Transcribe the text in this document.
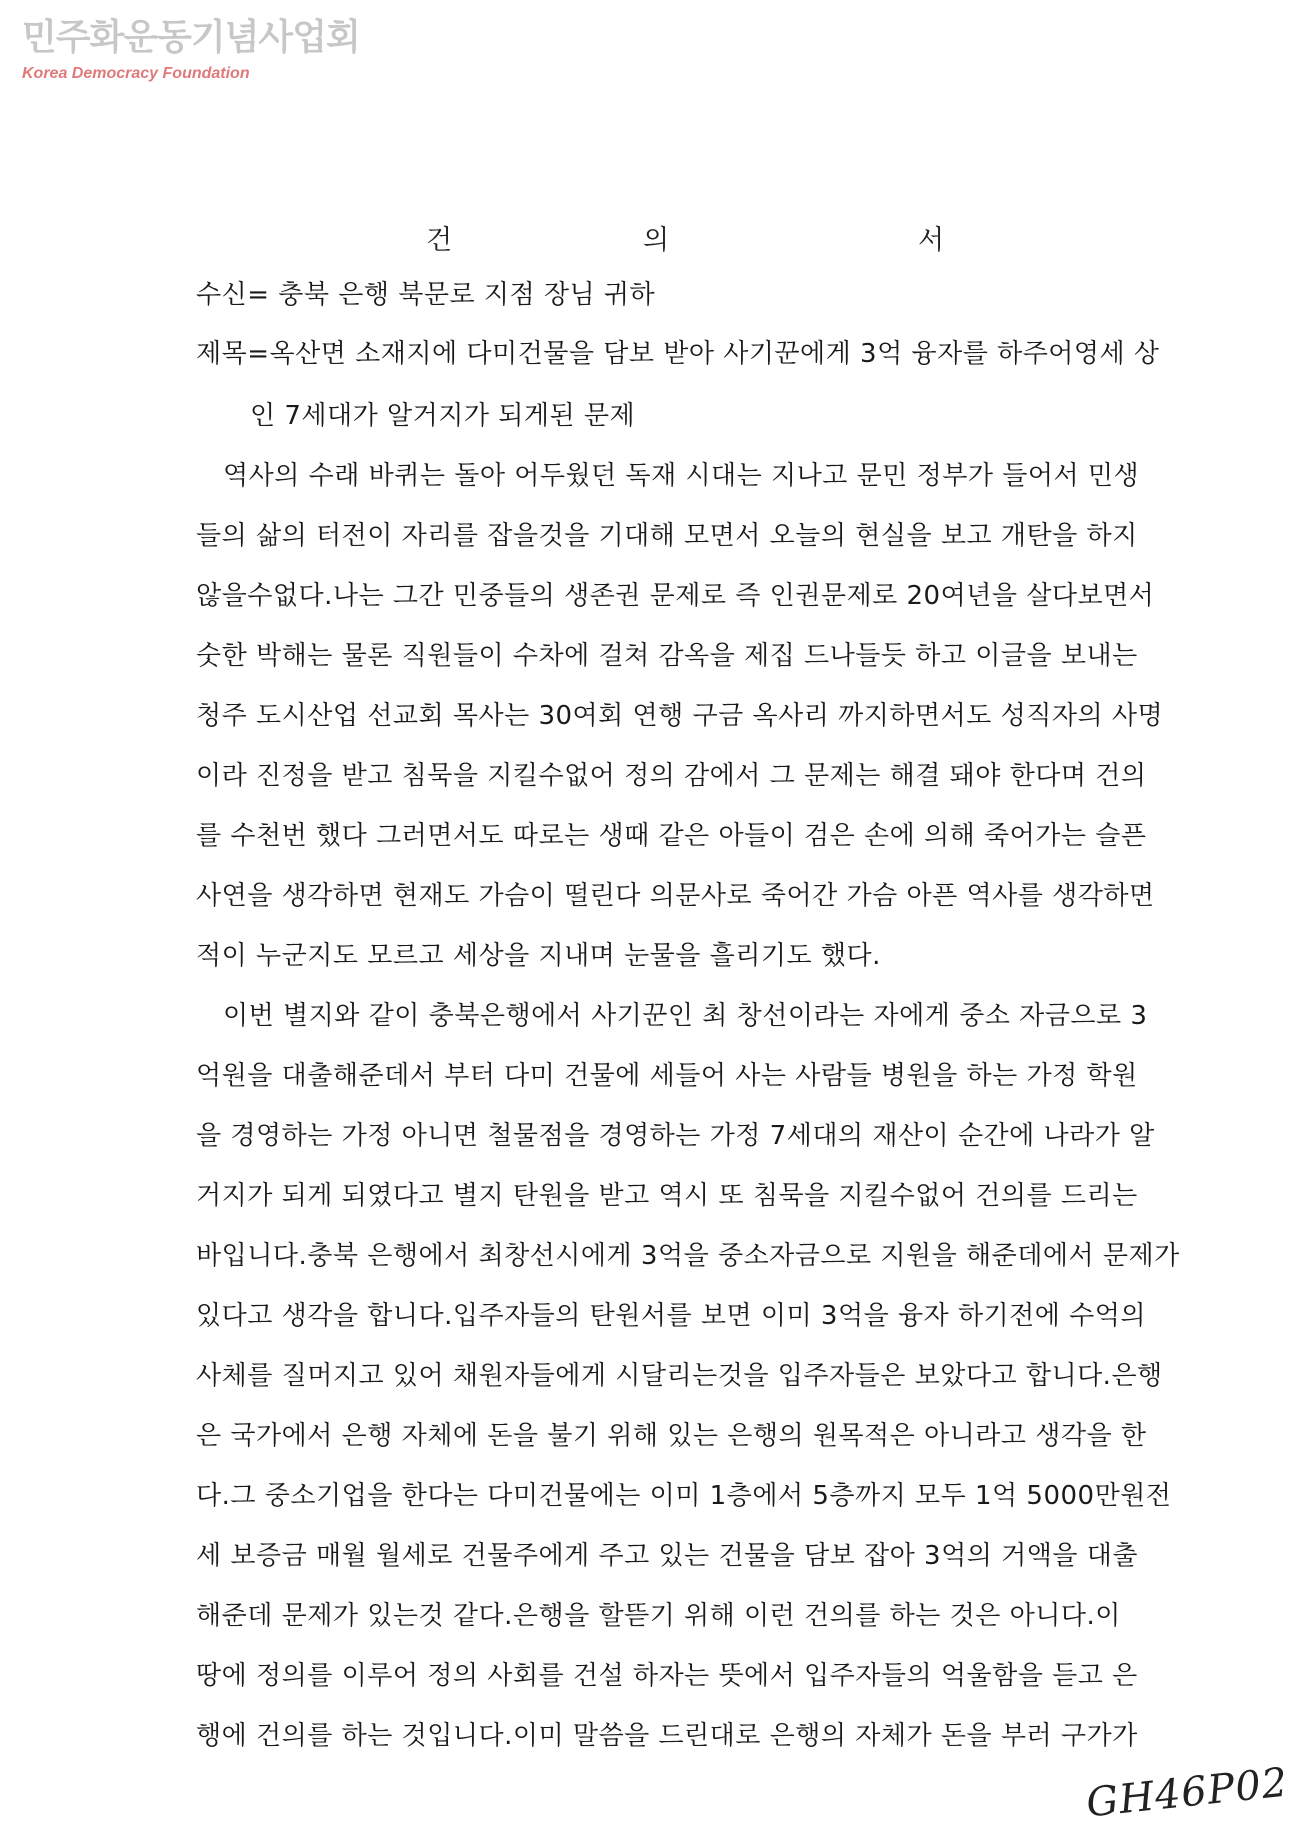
민주화운동기념사업회
Korea Democracy Foundation
건	의	서
수신= 충북 은행 북문로 지점 장님 귀하
제목=옥산면 소재지에 다미건물을 담보 받아 사기꾼에게 3억 융자를 하주어영세 상
인 7세대가 알거지가 되게된 문제
역사의 수래 바퀴는 돌아 어두웠던 독재 시대는 지나고 문민 정부가 들어서 민생
들의 삶의 터전이 자리를 잡을것을 기대해 모면서 오늘의 현실을 보고 개탄을 하지
않을수없다.나는 그간 민중들의 생존권 문제로 즉 인권문제로 20여년을 살다보면서
숫한 박해는 물론 직원들이 수차에 걸쳐 감옥을 제집 드나들듯 하고 이글을 보내는
청주 도시산업 선교회 목사는 30여회 연행 구금 옥사리 까지하면서도 성직자의 사명
이라 진정을 받고 침묵을 지킬수없어 정의 감에서 그 문제는 해결 돼야 한다며 건의
를 수천번 했다 그러면서도 따로는 생때 같은 아들이 검은 손에 의해 죽어가는 슬픈
사연을 생각하면 현재도 가슴이 떨린다 의문사로 죽어간 가슴 아픈 역사를 생각하면
적이 누군지도 모르고 세상을 지내며 눈물을 흘리기도 했다.
이번 별지와 같이 충북은행에서 사기꾼인 최 창선이라는 자에게 중소 자금으로 3
억원을 대출해준데서 부터 다미 건물에 세들어 사는 사람들 병원을 하는 가정 학원
을 경영하는 가정 아니면 철물점을 경영하는 가정 7세대의 재산이 순간에 나라가 알
거지가 되게 되였다고 별지 탄원을 받고 역시 또 침묵을 지킬수없어 건의를 드리는
바입니다.충북 은행에서 최창선시에게 3억을 중소자금으로 지원을 해준데에서 문제가
있다고 생각을 합니다.입주자들의 탄원서를 보면 이미 3억을 융자 하기전에 수억의
사체를 질머지고 있어 채원자들에게 시달리는것을 입주자들은 보았다고 합니다.은행
은 국가에서 은행 자체에 돈을 불기 위해 있는 은행의 원목적은 아니라고 생각을 한
다.그 중소기업을 한다는 다미건물에는 이미 1층에서 5층까지 모두 1억 5000만원전
세 보증금 매월 월세로 건물주에게 주고 있는 건물을 담보 잡아 3억의 거액을 대출
해준데 문제가 있는것 같다.은행을 할뜯기 위해 이런 건의를 하는 것은 아니다.이
땅에 정의를 이루어 정의 사회를 건설 하자는 뜻에서 입주자들의 억울함을 듣고 은
행에 건의를 하는 것입니다.이미 말씀을 드린대로 은행의 자체가 돈을 부러 구가가
GH46P02
